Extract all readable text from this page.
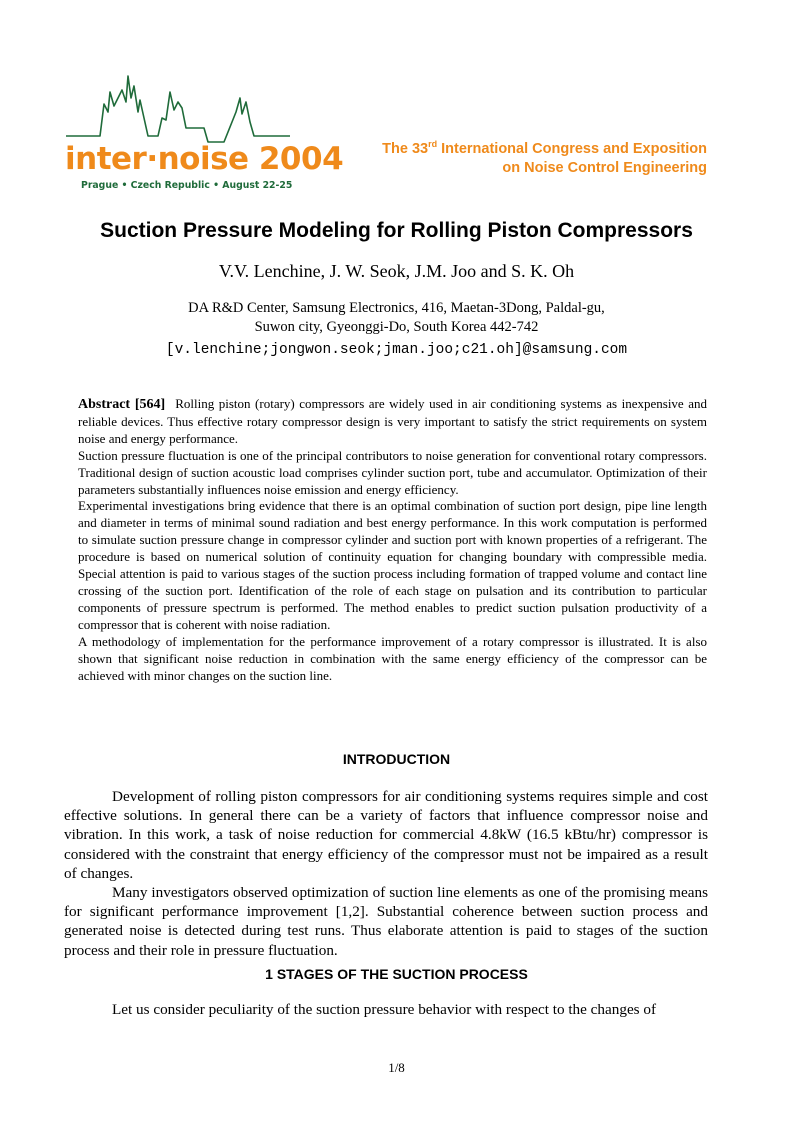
inter·noise 2004
Prague • Czech Republic • August 22-25
The 33rd International Congress and Exposition
on Noise Control Engineering
Suction Pressure Modeling for Rolling Piston Compressors
V.V. Lenchine, J. W. Seok, J.M. Joo and S. K. Oh
DA R&D Center, Samsung Electronics, 416, Maetan-3Dong, Paldal-gu,
Suwon city, Gyeonggi-Do, South Korea 442-742
[v.lenchine;jongwon.seok;jman.joo;c21.oh]@samsung.com

Abstract [564] Rolling piston (rotary) compressors are widely used in air conditioning systems as inexpensive and reliable devices. Thus effective rotary compressor design is very important to satisfy the strict requirements on system noise and energy performance.

Suction pressure fluctuation is one of the principal contributors to noise generation for conventional rotary compressors. Traditional design of suction acoustic load comprises cylinder suction port, tube and accumulator. Optimization of their parameters substantially influences noise emission and energy efficiency.

Experimental investigations bring evidence that there is an optimal combination of suction port design, pipe line length and diameter in terms of minimal sound radiation and best energy performance. In this work computation is performed to simulate suction pressure change in compressor cylinder and suction port with known properties of a refrigerant. The procedure is based on numerical solution of continuity equation for changing boundary with compressible media. Special attention is paid to various stages of the suction process including formation of trapped volume and contact line crossing of the suction port. Identification of the role of each stage on pulsation and its contribution to particular components of pressure spectrum is performed. The method enables to predict suction pulsation productivity of a compressor that is coherent with noise radiation.

A methodology of implementation for the performance improvement of a rotary compressor is illustrated. It is also shown that significant noise reduction in combination with the same energy efficiency of the compressor can be achieved with minor changes on the suction line.

INTRODUCTION

Development of rolling piston compressors for air conditioning systems requires simple and cost effective solutions. In general there can be a variety of factors that influence compressor noise and vibration. In this work, a task of noise reduction for commercial 4.8kW (16.5 kBtu/hr) compressor is considered with the constraint that energy efficiency of the compressor must not be impaired as a result of changes.

Many investigators observed optimization of suction line elements as one of the promising means for significant performance improvement [1,2]. Substantial coherence between suction process and generated noise is detected during test runs. Thus elaborate attention is paid to stages of the suction process and their role in pressure fluctuation.

1 STAGES OF THE SUCTION PROCESS

Let us consider peculiarity of the suction pressure behavior with respect to the changes of

1/8
